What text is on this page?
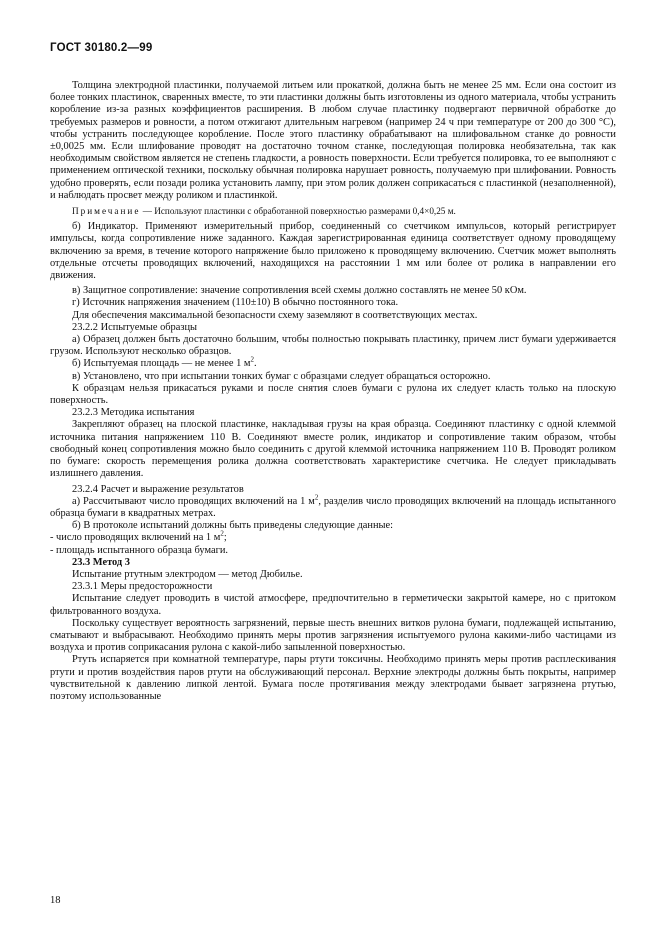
ГОСТ 30180.2—99

Толщина электродной пластинки, получаемой литьем или прокаткой, должна быть не менее 25 мм. Если она состоит из более тонких пластинок, сваренных вместе, то эти пластинки должны быть изготовлены из одного материала, чтобы устранить коробление из-за разных коэффициентов расширения. В любом случае пластинку подвергают первичной обработке до требуемых размеров и ровности, а потом отжигают длительным нагревом (например 24 ч при температуре от 200 до 300 °С), чтобы устранить последующее коробление. После этого пластинку обрабатывают на шлифовальном станке до ровности ±0,0025 мм. Если шлифование проводят на достаточно точном станке, последующая полировка необязательна, так как необходимым свойством является не степень гладкости, а ровность поверхности. Если требуется полировка, то ее выполняют с применением оптической техники, поскольку обычная полировка нарушает ровность, получаемую при шлифовании. Ровность удобно проверять, если позади ролика установить лампу, при этом ролик должен соприкасаться с пластинкой (незаполненной), и наблюдать просвет между роликом и пластинкой.

Примечание — Используют пластинки с обработанной поверхностью размерами 0,4×0,25 м.

б) Индикатор. Применяют измерительный прибор, соединенный со счетчиком импульсов, который регистрирует импульсы, когда сопротивление ниже заданного. Каждая зарегистрированная единица соответствует одному проводящему включению за время, в течение которого напряжение было приложено к проводящему включению. Счетчик может выполнять отдельные отсчеты проводящих включений, находящихся на расстоянии 1 мм или более от ролика в направлении его движения.

в) Защитное сопротивление: значение сопротивления всей схемы должно составлять не менее 50 кОм.

г) Источник напряжения значением (110±10) В обычно постоянного тока.

Для обеспечения максимальной безопасности схему заземляют в соответствующих местах.

23.2.2 Испытуемые образцы

а) Образец должен быть достаточно большим, чтобы полностью покрывать пластинку, причем лист бумаги удерживается грузом. Используют несколько образцов.

б) Испытуемая площадь — не менее 1 $м^2$.

в) Установлено, что при испытании тонких бумаг с образцами следует обращаться осторожно.

К образцам нельзя прикасаться руками и после снятия слоев бумаги с рулона их следует класть только на плоскую поверхность.

23.2.3 Методика испытания

Закрепляют образец на плоской пластинке, накладывая грузы на края образца. Соединяют пластинку с одной клеммой источника питания напряжением 110 В. Соединяют вместе ролик, индикатор и сопротивление таким образом, чтобы свободный конец сопротивления можно было соединить с другой клеммой источника напряжением 110 В. Проводят роликом по бумаге: скорость перемещения ролика должна соответствовать характеристике счетчика. Не следует прикладывать излишнего давления.

23.2.4 Расчет и выражение результатов

а) Рассчитывают число проводящих включений на 1 $м^2$, разделив число проводящих включений на площадь испытанного образца бумаги в квадратных метрах.

б) В протоколе испытаний должны быть приведены следующие данные:

- число проводящих включений на 1 $м^2$;

- площадь испытанного образца бумаги.

23.3 Метод 3

Испытание ртутным электродом — метод Дюбилье.

23.3.1 Меры предосторожности

Испытание следует проводить в чистой атмосфере, предпочтительно в герметически закрытой камере, но с притоком фильтрованного воздуха.

Поскольку существует вероятность загрязнений, первые шесть внешних витков рулона бумаги, подлежащей испытанию, сматывают и выбрасывают. Необходимо принять меры против загрязнения испытуемого рулона какими-либо частицами из воздуха и против соприкасания рулона с какой-либо запыленной поверхностью.

Ртуть испаряется при комнатной температуре, пары ртути токсичны. Необходимо принять меры против расплескивания ртути и против воздействия паров ртути на обслуживающий персонал. Верхние электроды должны быть покрыты, например чувствительной к давлению липкой лентой. Бумага после протягивания между электродами бывает загрязнена ртутью, поэтому использованные

18
